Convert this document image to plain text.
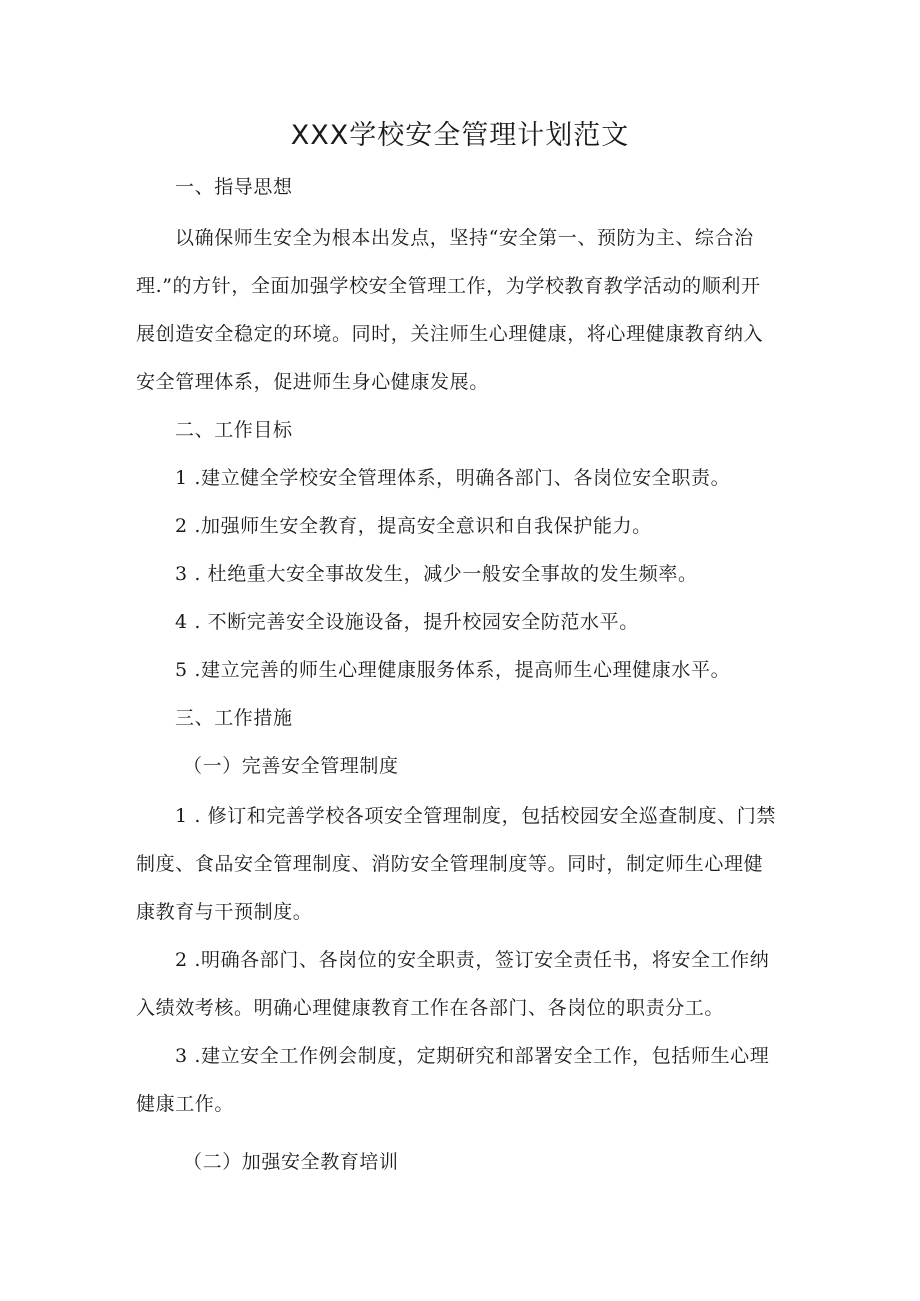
XXX学校安全管理计划范文
一、指导思想
以确保师生安全为根本出发点，坚持“安全第一、预防为主、综合治
理.”的方针，全面加强学校安全管理工作，为学校教育教学活动的顺利开
展创造安全稳定的环境。同时，关注师生心理健康，将心理健康教育纳入
安全管理体系，促进师生身心健康发展。
二、工作目标
1 .建立健全学校安全管理体系，明确各部门、各岗位安全职责。
2 .加强师生安全教育，提高安全意识和自我保护能力。
3 . 杜绝重大安全事故发生，减少一般安全事故的发生频率。
4 . 不断完善安全设施设备，提升校园安全防范水平。
5 .建立完善的师生心理健康服务体系，提高师生心理健康水平。
三、工作措施
（一）完善安全管理制度
1 . 修订和完善学校各项安全管理制度，包括校园安全巡查制度、门禁
制度、食品安全管理制度、消防安全管理制度等。同时，制定师生心理健
康教育与干预制度。
2 .明确各部门、各岗位的安全职责，签订安全责任书，将安全工作纳
入绩效考核。明确心理健康教育工作在各部门、各岗位的职责分工。
3 .建立安全工作例会制度，定期研究和部署安全工作，包括师生心理
健康工作。
（二）加强安全教育培训
